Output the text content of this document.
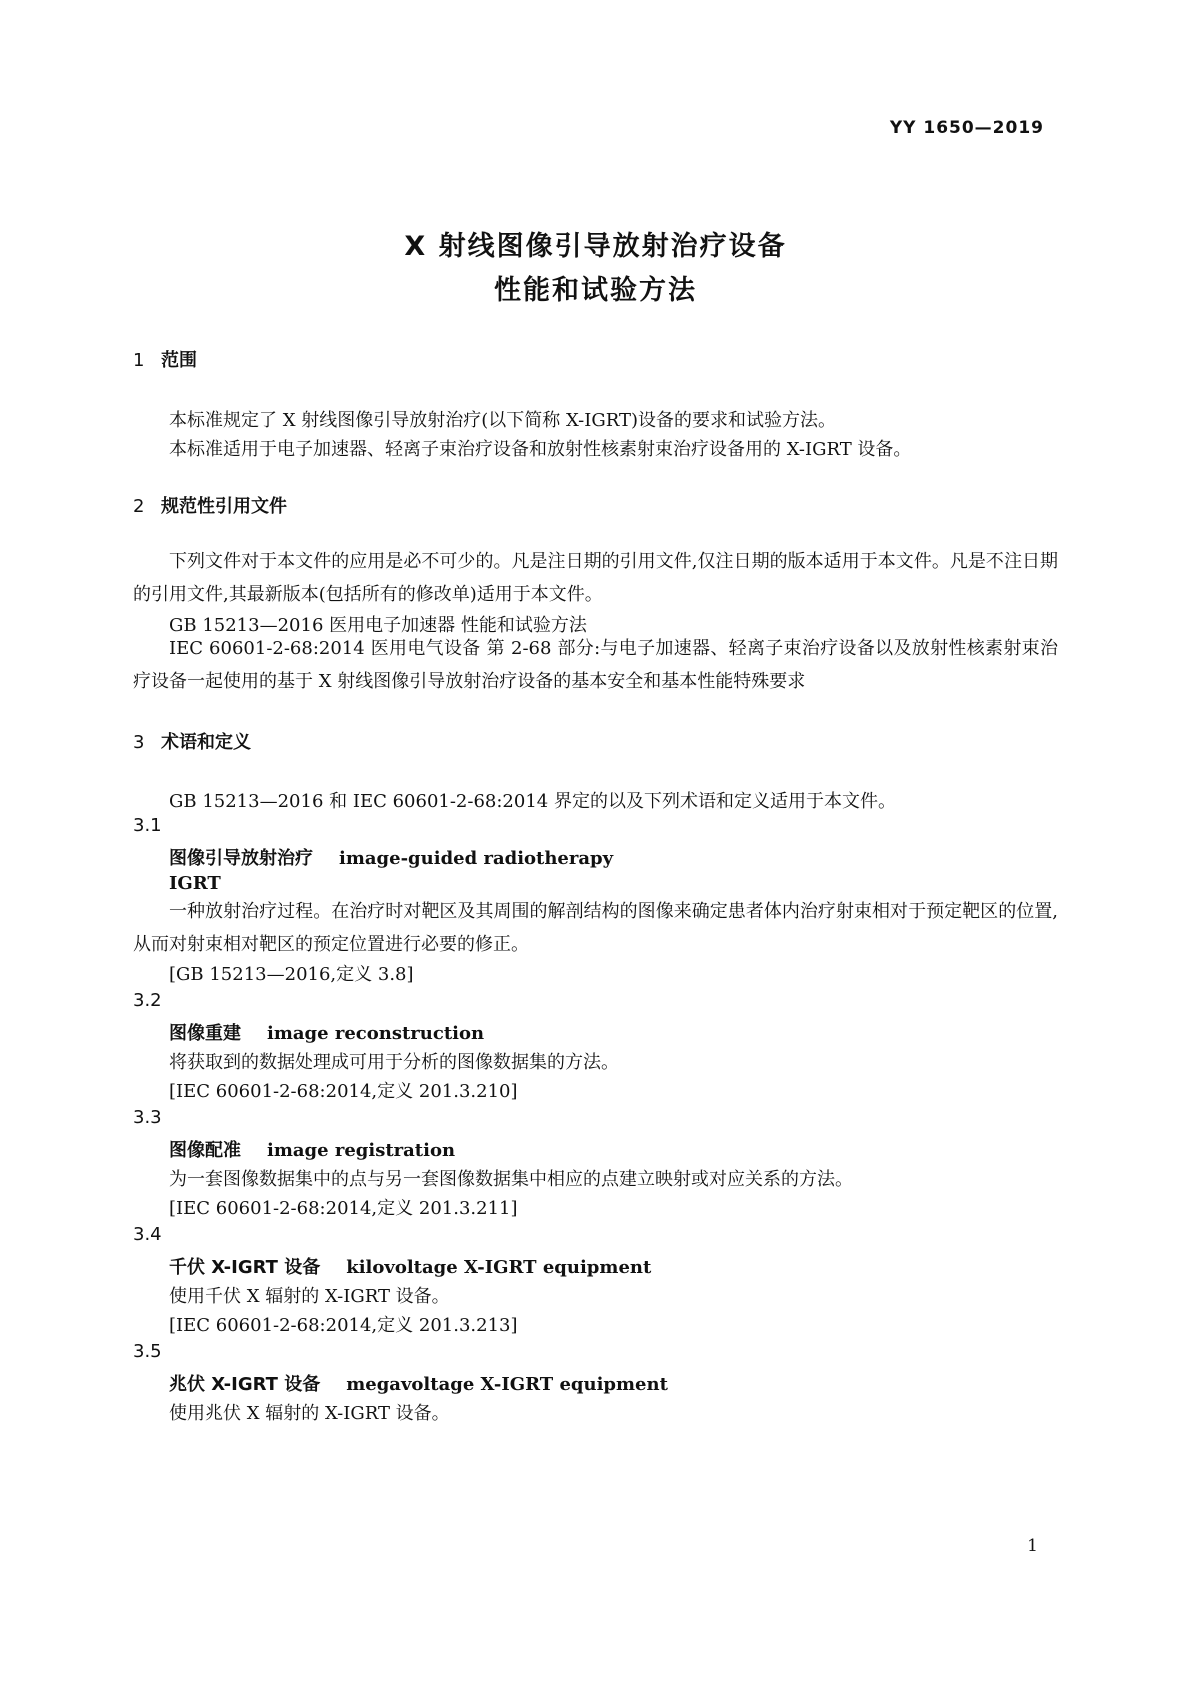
YY 1650—2019
X 射线图像引导放射治疗设备
性能和试验方法
1 范围
本标准规定了 X 射线图像引导放射治疗(以下简称 X-IGRT)设备的要求和试验方法。
本标准适用于电子加速器、轻离子束治疗设备和放射性核素射束治疗设备用的 X-IGRT 设备。
2 规范性引用文件
下列文件对于本文件的应用是必不可少的。凡是注日期的引用文件,仅注日期的版本适用于本文件。凡是不注日期的引用文件,其最新版本(包括所有的修改单)适用于本文件。
GB 15213—2016 医用电子加速器 性能和试验方法
IEC 60601-2-68:2014 医用电气设备 第 2-68 部分:与电子加速器、轻离子束治疗设备以及放射性核素射束治疗设备一起使用的基于 X 射线图像引导放射治疗设备的基本安全和基本性能特殊要求
3 术语和定义
GB 15213—2016 和 IEC 60601-2-68:2014 界定的以及下列术语和定义适用于本文件。
3.1
图像引导放射治疗 image-guided radiotherapy
IGRT
一种放射治疗过程。在治疗时对靶区及其周围的解剖结构的图像来确定患者体内治疗射束相对于预定靶区的位置,从而对射束相对靶区的预定位置进行必要的修正。
[GB 15213—2016,定义 3.8]
3.2
图像重建 image reconstruction
将获取到的数据处理成可用于分析的图像数据集的方法。
[IEC 60601-2-68:2014,定义 201.3.210]
3.3
图像配准 image registration
为一套图像数据集中的点与另一套图像数据集中相应的点建立映射或对应关系的方法。
[IEC 60601-2-68:2014,定义 201.3.211]
3.4
千伏 X-IGRT 设备 kilovoltage X-IGRT equipment
使用千伏 X 辐射的 X-IGRT 设备。
[IEC 60601-2-68:2014,定义 201.3.213]
3.5
兆伏 X-IGRT 设备 megavoltage X-IGRT equipment
使用兆伏 X 辐射的 X-IGRT 设备。
1
